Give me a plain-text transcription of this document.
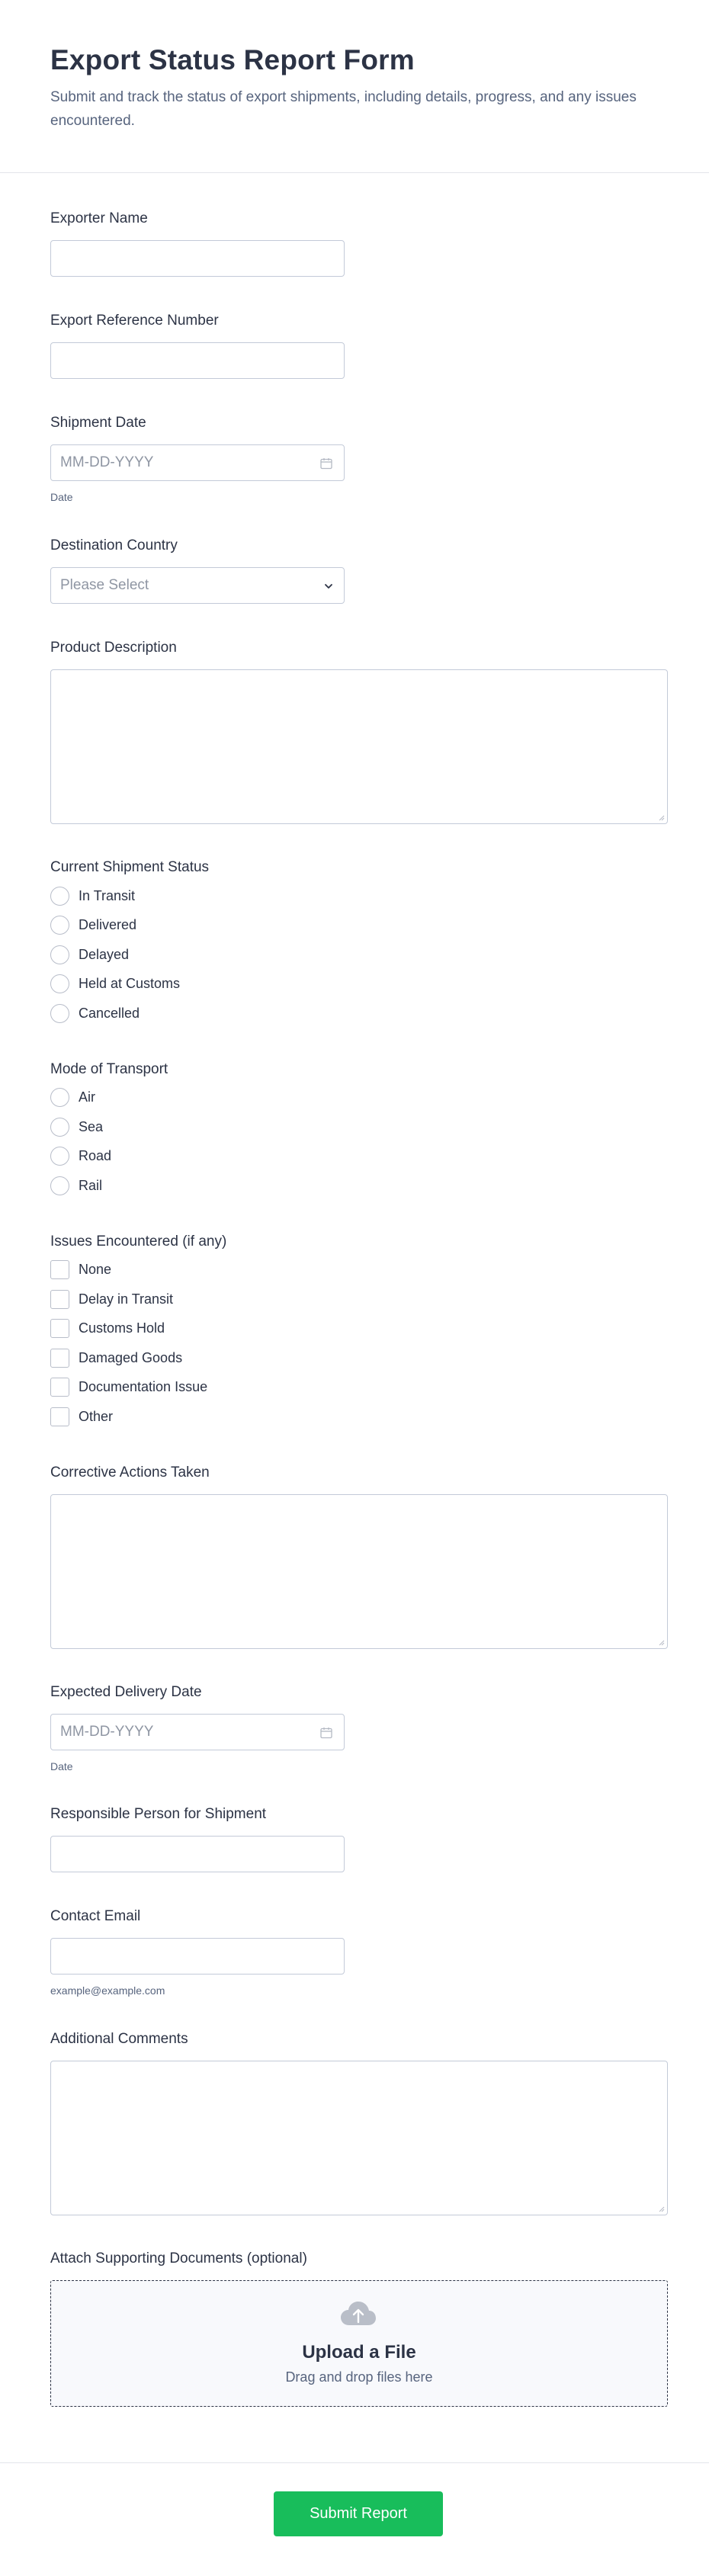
Export Status Report Form

Submit and track the status of export shipments, including details, progress, and any issues encountered.

Exporter Name
Export Reference Number
Shipment Date
MM-DD-YYYY
Date
Destination Country
Please Select
Product Description
Current Shipment Status
In Transit
Delivered
Delayed
Held at Customs
Cancelled
Mode of Transport
Air
Sea
Road
Rail
Issues Encountered (if any)
None
Delay in Transit
Customs Hold
Damaged Goods
Documentation Issue
Other
Corrective Actions Taken
Expected Delivery Date
MM-DD-YYYY
Date
Responsible Person for Shipment
Contact Email
example@example.com
Additional Comments
Attach Supporting Documents (optional)
Upload a File
Drag and drop files here
Submit Report
